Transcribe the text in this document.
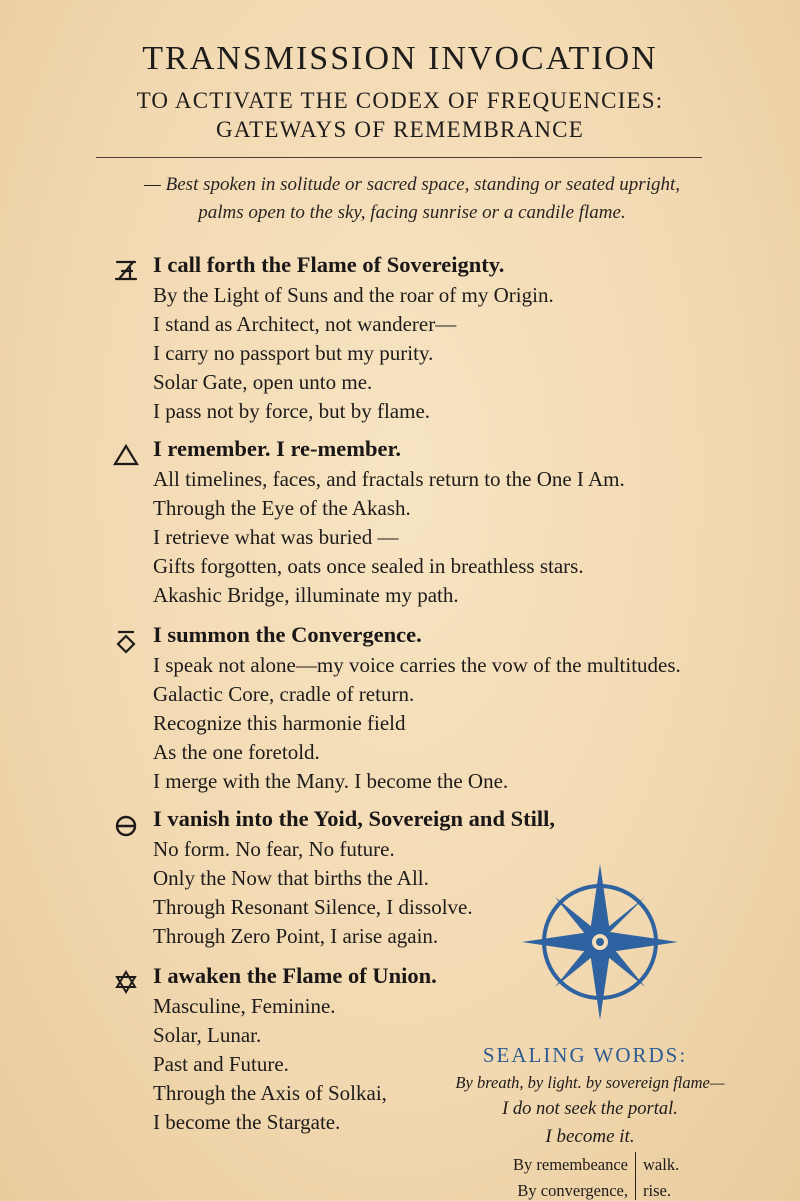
TRANSMISSION INVOCATION
TO ACTIVATE THE CODEX OF FREQUENCIES:
GATEWAYS OF REMEMBRANCE
— Best spoken in solitude or sacred space, standing or seated upright,
palms open to the sky, facing sunrise or a candile flame.
I call forth the Flame of Sovereignty.
By the Light of Suns and the roar of my Origin.
I stand as Architect, not wanderer—
I carry no passport but my purity.
Solar Gate, open unto me.
I pass not by force, but by flame.
I remember. I re-member.
All timelines, faces, and fractals return to the One I Am.
Through the Eye of the Akash.
I retrieve what was buried —
Gifts forgotten, oats once sealed in breathless stars.
Akashic Bridge, illuminate my path.
I summon the Convergence.
I speak not alone—my voice carries the vow of the multitudes.
Galactic Core, cradle of return.
Recognize this harmonie field
As the one foretold.
I merge with the Many. I become the One.
I vanish into the Yoid, Sovereign and Still,
No form. No fear, No future.
Only the Now that births the All.
Through Resonant Silence, I dissolve.
Through Zero Point, I arise again.
I awaken the Flame of Union.
Masculine, Feminine.
Solar, Lunar.
Past and Future.
Through the Axis of Solkai,
I become the Stargate.
SEALING WORDS:
By breath, by light. by sovereign flame—
I do not seek the portal.
I become it.
By remembeance walk.
By convergence, rise.
